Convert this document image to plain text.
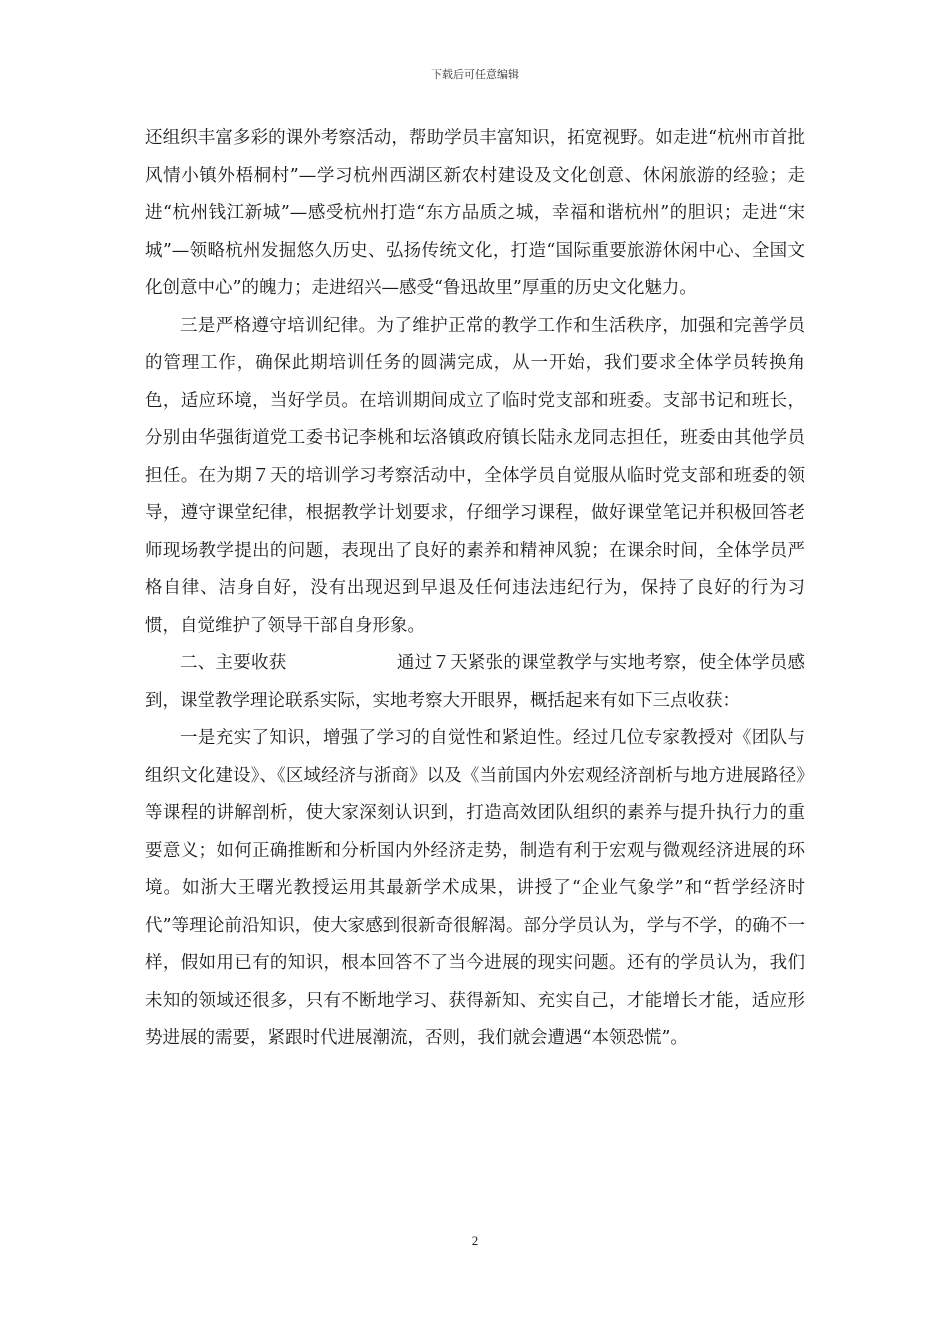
下载后可任意编辑

还组织丰富多彩的课外考察活动，帮助学员丰富知识，拓宽视野。如走进“杭州市首批风情小镇外梧桐村”—学习杭州西湖区新农村建设及文化创意、休闲旅游的经验；走进“杭州钱江新城”—感受杭州打造“东方品质之城，幸福和谐杭州”的胆识；走进“宋城”—领略杭州发掘悠久历史、弘扬传统文化，打造“国际重要旅游休闲中心、全国文化创意中心”的魄力；走进绍兴—感受“鲁迅故里”厚重的历史文化魅力。

三是严格遵守培训纪律。为了维护正常的教学工作和生活秩序，加强和完善学员的管理工作，确保此期培训任务的圆满完成，从一开始，我们要求全体学员转换角色，适应环境，当好学员。在培训期间成立了临时党支部和班委。支部书记和班长，分别由华强街道党工委书记李桃和坛洛镇政府镇长陆永龙同志担任，班委由其他学员担任。在为期７天的培训学习考察活动中，全体学员自觉服从临时党支部和班委的领导，遵守课堂纪律，根据教学计划要求，仔细学习课程，做好课堂笔记并积极回答老师现场教学提出的问题，表现出了良好的素养和精神风貌；在课余时间，全体学员严格自律、洁身自好，没有出现迟到早退及任何违法违纪行为，保持了良好的行为习惯，自觉维护了领导干部自身形象。

二、主要收获	通过７天紧张的课堂教学与实地考察，使全体学员感到，课堂教学理论联系实际，实地考察大开眼界，概括起来有如下三点收获：

一是充实了知识，增强了学习的自觉性和紧迫性。经过几位专家教授对《团队与组织文化建设》、《区域经济与浙商》以及《当前国内外宏观经济剖析与地方进展路径》等课程的讲解剖析，使大家深刻认识到，打造高效团队组织的素养与提升执行力的重要意义；如何正确推断和分析国内外经济走势，制造有利于宏观与微观经济进展的环境。如浙大王曙光教授运用其最新学术成果，讲授了“企业气象学”和“哲学经济时代”等理论前沿知识，使大家感到很新奇很解渴。部分学员认为，学与不学，的确不一样，假如用已有的知识，根本回答不了当今进展的现实问题。还有的学员认为，我们未知的领域还很多，只有不断地学习、获得新知、充实自己，才能增长才能，适应形势进展的需要，紧跟时代进展潮流，否则，我们就会遭遇“本领恐慌”。

2
